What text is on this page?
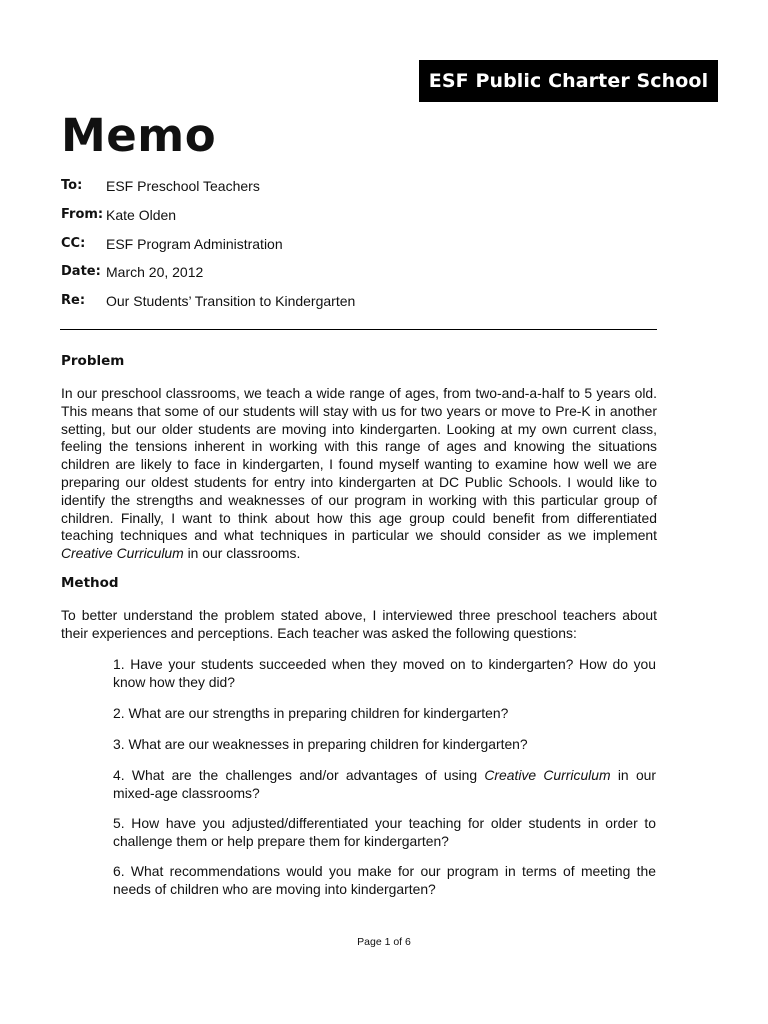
ESF Public Charter School
Memo
To: ESF Preschool Teachers
From: Kate Olden
CC: ESF Program Administration
Date: March 20, 2012
Re: Our Students’ Transition to Kindergarten
Problem

In our preschool classrooms, we teach a wide range of ages, from two-and-a-half to 5 years old. This means that some of our students will stay with us for two years or move to Pre-K in another setting, but our older students are moving into kindergarten. Looking at my own current class, feeling the tensions inherent in working with this range of ages and knowing the situations children are likely to face in kindergarten, I found myself wanting to examine how well we are preparing our oldest students for entry into kindergarten at DC Public Schools. I would like to identify the strengths and weaknesses of our program in working with this particular group of children. Finally, I want to think about how this age group could benefit from differentiated teaching techniques and what techniques in particular we should consider as we implement Creative Curriculum in our classrooms.

Method

To better understand the problem stated above, I interviewed three preschool teachers about their experiences and perceptions. Each teacher was asked the following questions:

1. Have your students succeeded when they moved on to kindergarten? How do you know how they did?

2. What are our strengths in preparing children for kindergarten?

3. What are our weaknesses in preparing children for kindergarten?

4. What are the challenges and/or advantages of using Creative Curriculum in our mixed-age classrooms?

5. How have you adjusted/differentiated your teaching for older students in order to challenge them or help prepare them for kindergarten?

6. What recommendations would you make for our program in terms of meeting the needs of children who are moving into kindergarten?

Page 1 of 6
